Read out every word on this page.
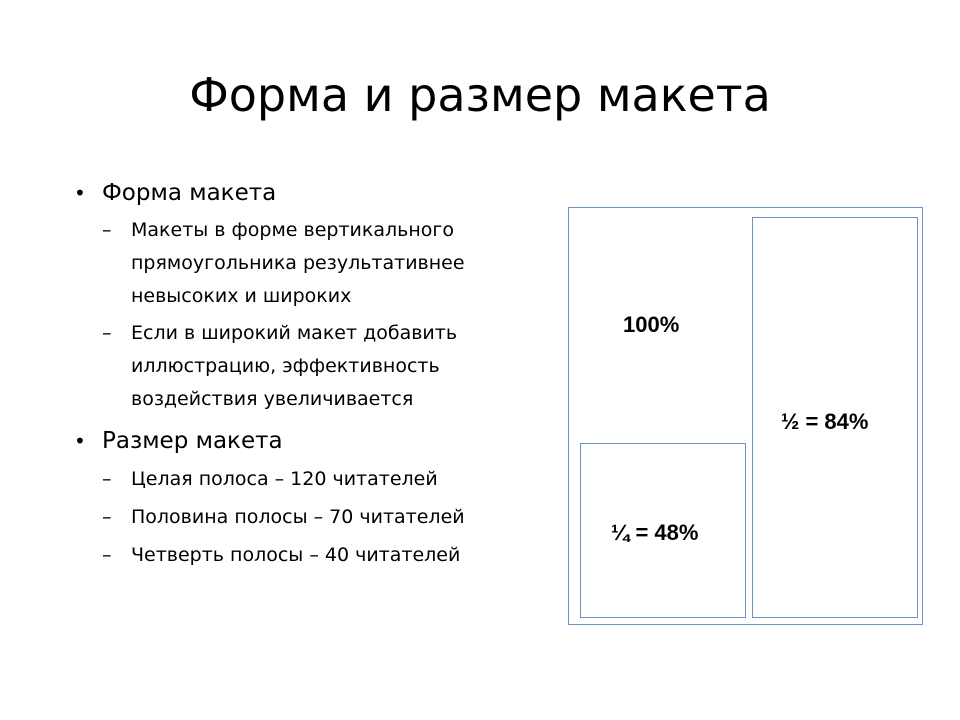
Форма и размер макета
• Форма макета
– Макеты в форме вертикального прямоугольника результативнее невысоких и широких
– Если в широкий макет добавить иллюстрацию, эффективность воздействия увеличивается
• Размер макета
– Целая полоса – 120 читателей
– Половина полосы – 70 читателей
– Четверть полосы – 40 читателей
100%
½ = 84%
¼ = 48%
